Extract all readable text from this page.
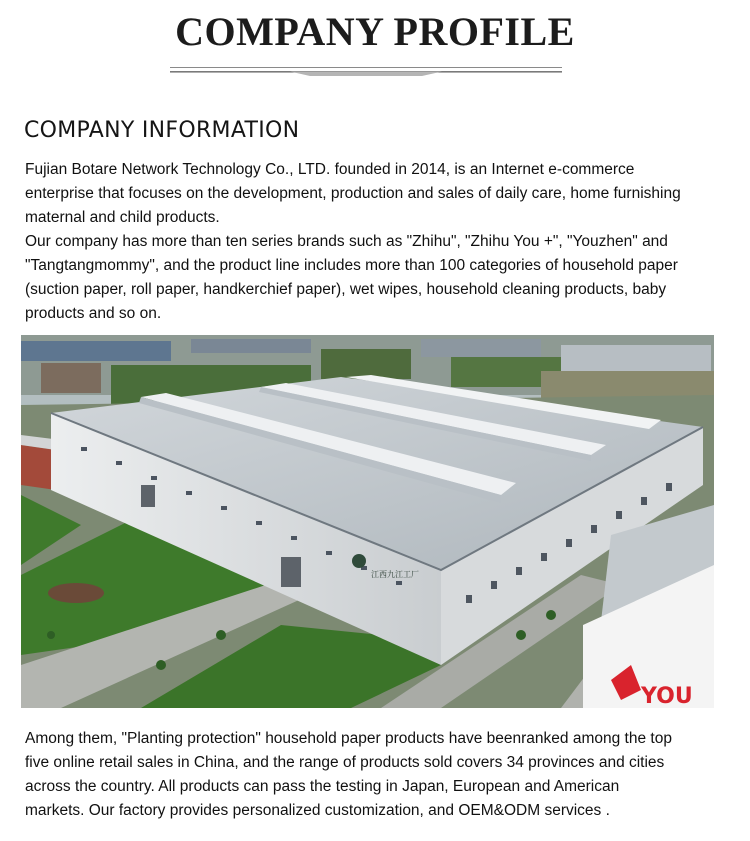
COMPANY PROFILE
COMPANY INFORMATION
Fujian Botare Network Technology Co., LTD. founded in 2014, is an Internet e-commerce
enterprise that focuses on the development, production and sales of daily care, home furnishing
maternal and child products.
Our company has more than ten series brands such as "Zhihu", "Zhihu You +", "Youzhen" and
"Tangtangmommy", and the product line includes more than 100 categories of household paper
(suction paper, roll paper, handkerchief paper), wet wipes, household cleaning products, baby
products and so on.
江西九江工厂
YOU
Among them, "Planting protection" household paper products have beenranked among the top
five online retail sales in China, and the range of products sold covers 34 provinces and cities
across the country. All products can pass the testing in Japan, European and American
markets. Our factory provides personalized customization, and OEM&ODM services .
